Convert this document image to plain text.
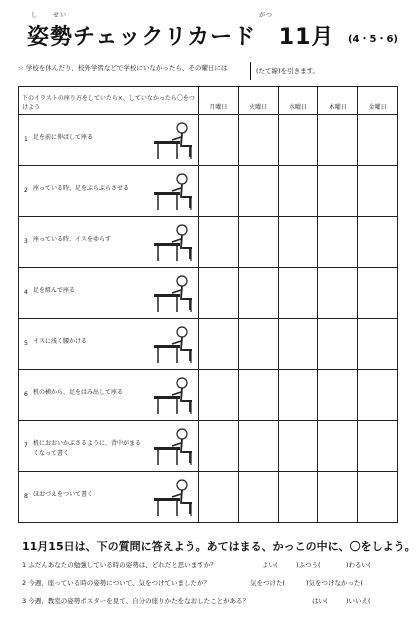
し せい
姿勢チェックリカード 11月
がつ
(4・5・6)
☆ 学校を休んだり、校外学習などで学校にいなかったら、その曜日には	(たて線)を引きます。
下のイラストの座り方をしていたら×、していなかったら〇をつけよう	月曜日	火曜日	水曜日	木曜日	金曜日

1 足を前に伸ばして座る					

2 座っている時、足をぶらぶらさせる					

3 座っている時、イスをゆらす					

4 足を組んで座る					

5 イスに浅く腰かける					

6 机の横から、足をはみ出して座る					

7 机におおいかぶさるように、背中がまるくなって書く					

8 ほおづえをついて書く					

11月15日は、下の質問に答えよう。あてはまる、かっこの中に、〇をしよう。
1 ふだんあなたの勉強している時の姿勢は、どれだと思いますか？	よい(	)ふつう(	)わるい(
2 今週、座っている時の姿勢について、気をつけていましたか？	気をつけた(	)気をつけなかった(
3 今週、教室の姿勢ポスターを見て、自分の座りかたをなおしたことがある？	はい(	)いいえ(
